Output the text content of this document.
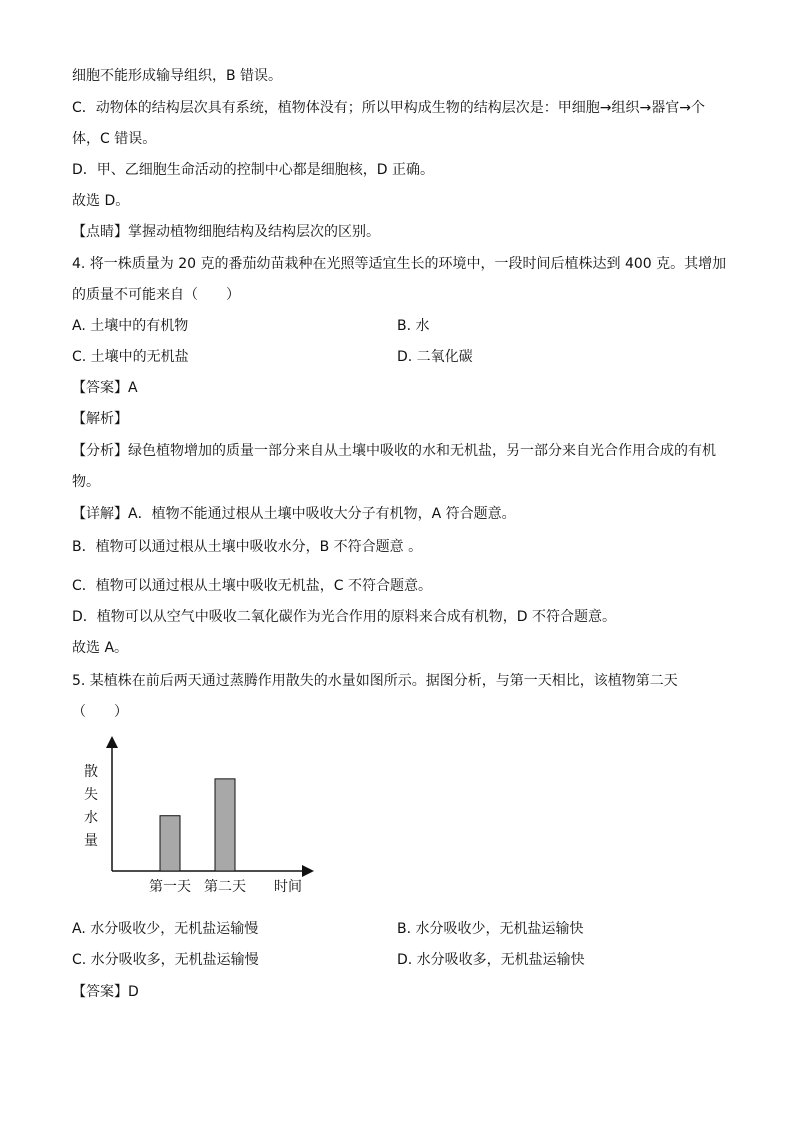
细胞不能形成输导组织，B 错误。
C．动物体的结构层次具有系统，植物体没有；所以甲构成生物的结构层次是：甲细胞→组织→器官→个
体，C 错误。
D．甲、乙细胞生命活动的控制中心都是细胞核，D 正确。
故选 D。
【点睛】掌握动植物细胞结构及结构层次的区别。
4. 将一株质量为 20 克的番茄幼苗栽种在光照等适宜生长的环境中，一段时间后植株达到 400 克。其增加
的质量不可能来自（　　）
A. 土壤中的有机物	B. 水
C. 土壤中的无机盐	D. 二氧化碳
【答案】A
【解析】
【分析】绿色植物增加的质量一部分来自从土壤中吸收的水和无机盐，另一部分来自光合作用合成的有机
物。
【详解】A．植物不能通过根从土壤中吸收大分子有机物，A 符合题意。
B．植物可以通过根从土壤中吸收水分，B 不符合题意 。
C．植物可以通过根从土壤中吸收无机盐，C 不符合题意。
D．植物可以从空气中吸收二氧化碳作为光合作用的原料来合成有机物，D 不符合题意。
故选 A。
5. 某植株在前后两天通过蒸腾作用散失的水量如图所示。据图分析，与第一天相比，该植物第二天
（　　）
散
失
水
量
第一天 第二天 时间
A. 水分吸收少，无机盐运输慢	B. 水分吸收少，无机盐运输快
C. 水分吸收多，无机盐运输慢	D. 水分吸收多，无机盐运输快
【答案】D
